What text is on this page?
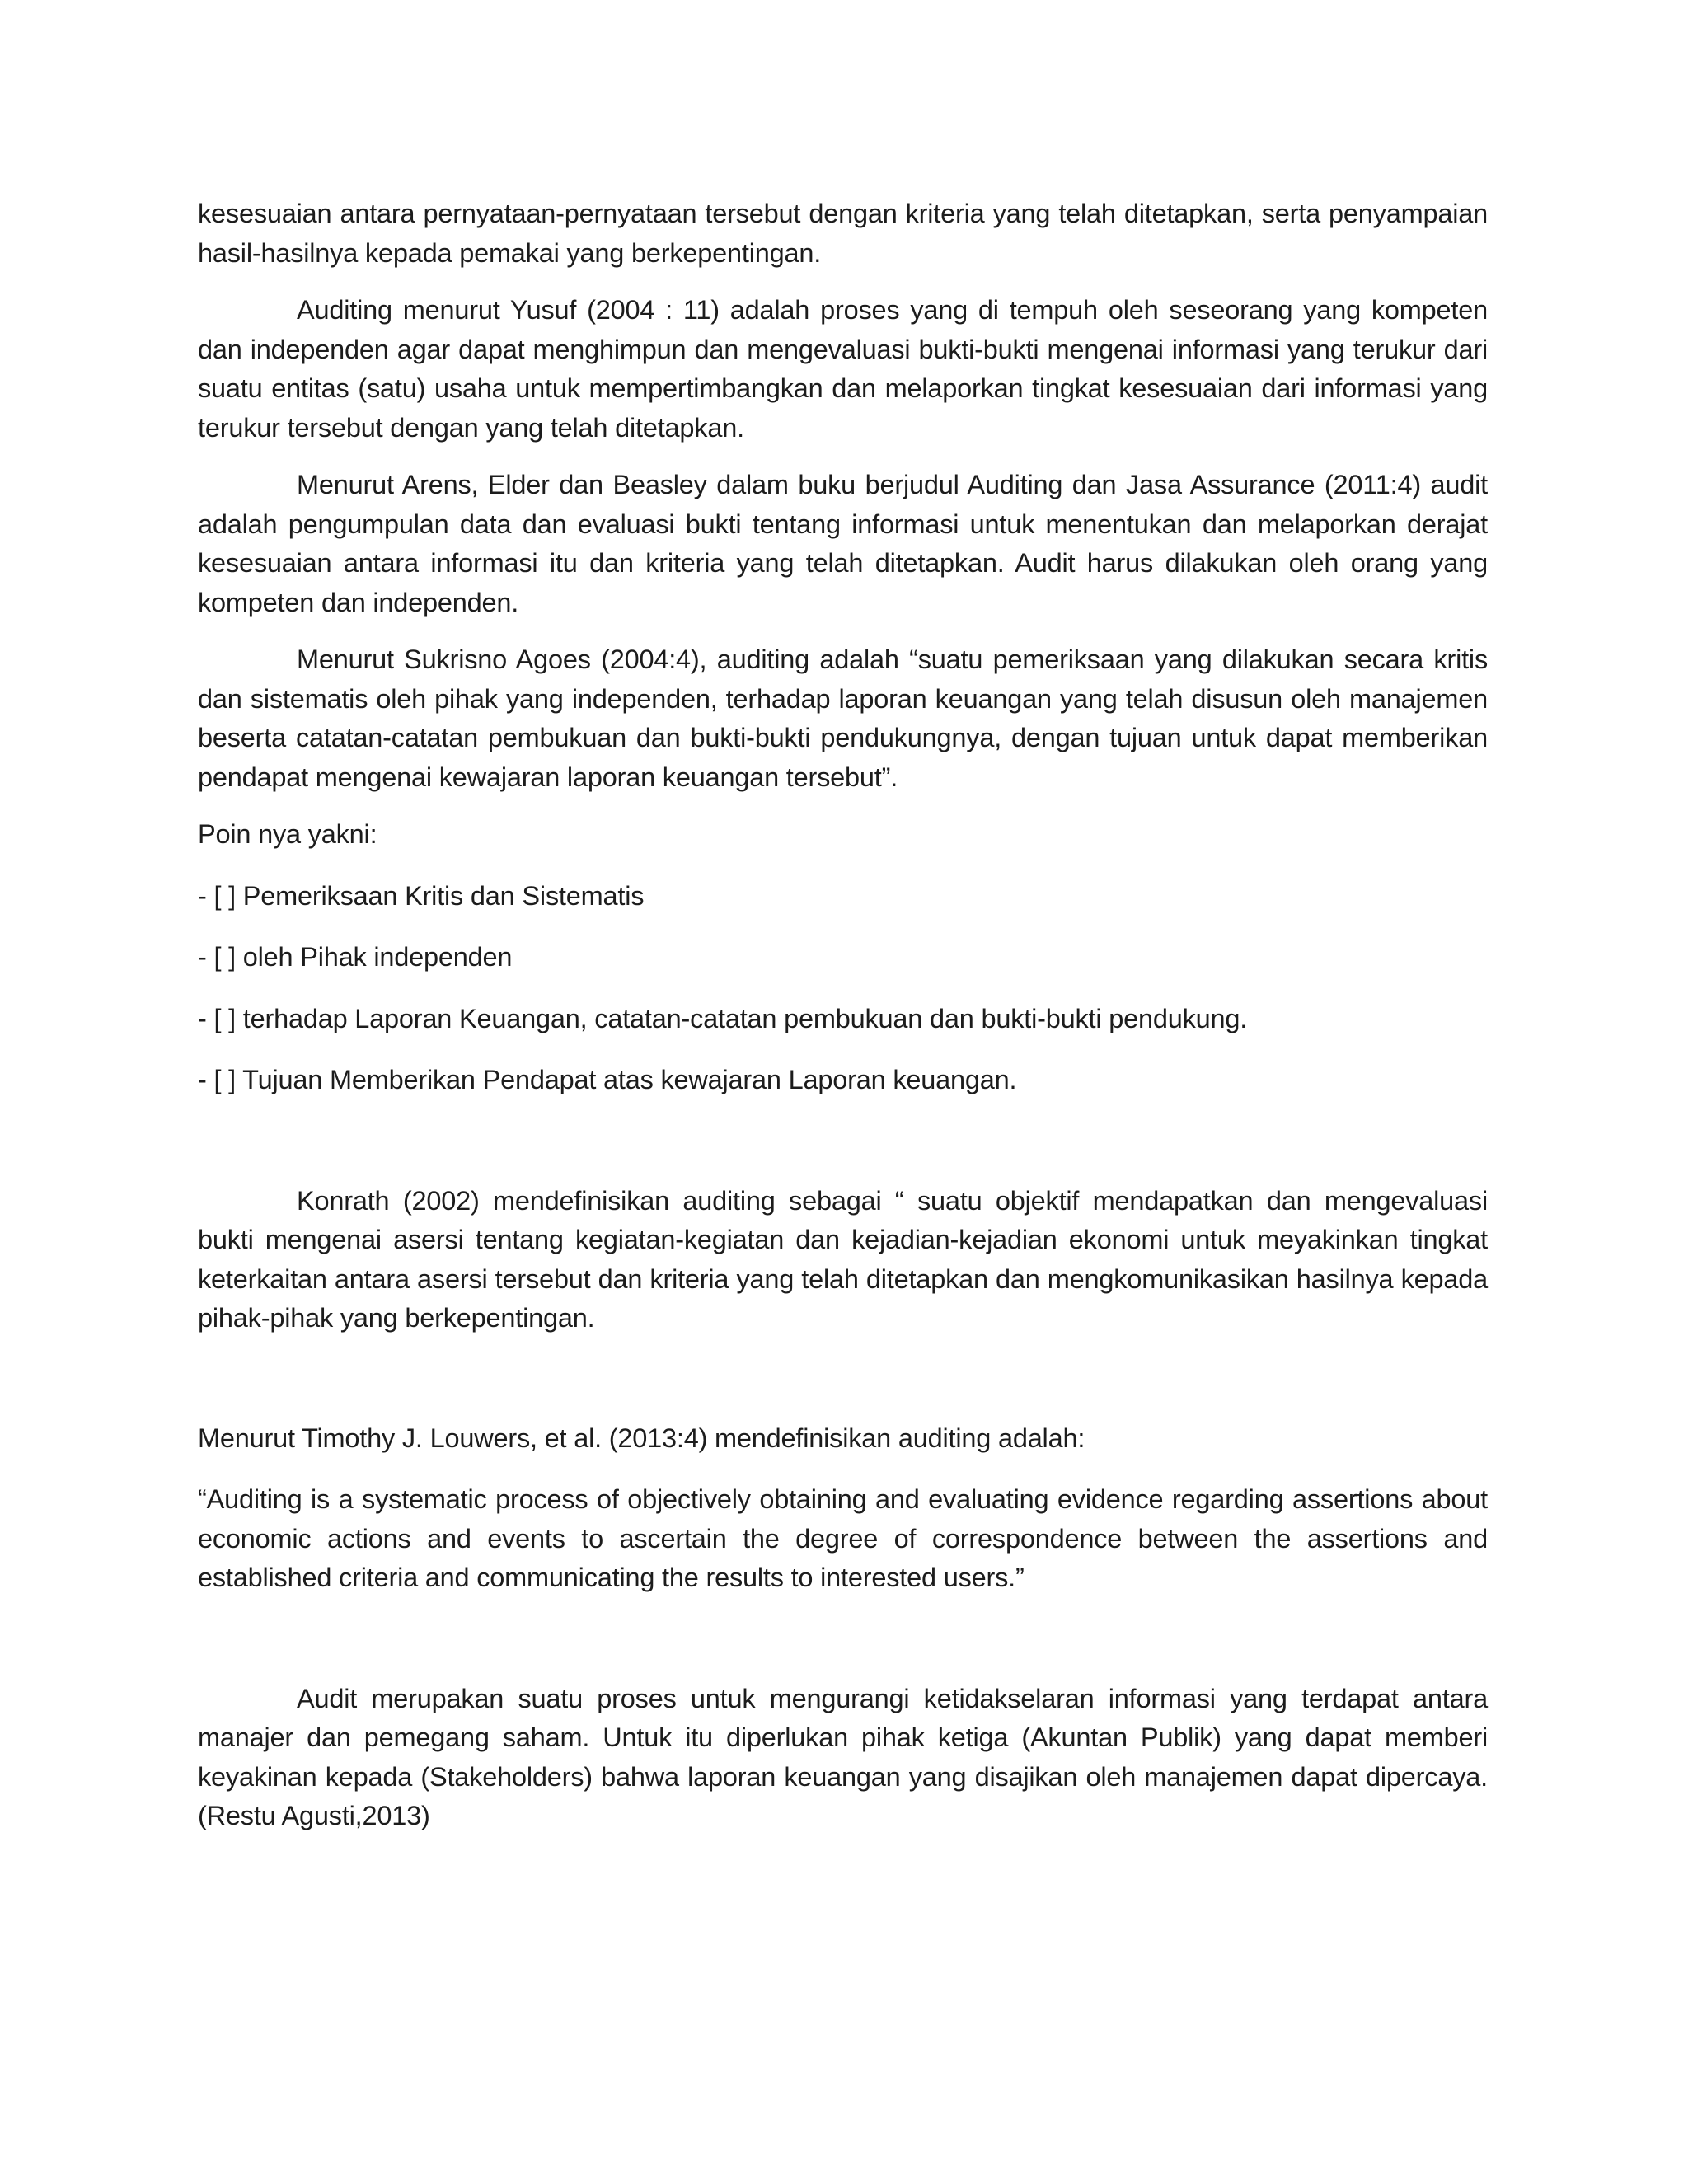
kesesuaian antara pernyataan-pernyataan tersebut dengan kriteria yang telah ditetapkan, serta penyampaian hasil-hasilnya kepada pemakai yang berkepentingan.

Auditing menurut Yusuf (2004 : 11) adalah proses yang di tempuh oleh seseorang yang kompeten dan independen agar dapat menghimpun dan mengevaluasi bukti-bukti mengenai informasi yang terukur dari suatu entitas (satu) usaha untuk mempertimbangkan dan melaporkan tingkat kesesuaian dari informasi yang terukur tersebut dengan yang telah ditetapkan.

Menurut Arens, Elder dan Beasley dalam buku berjudul Auditing dan Jasa Assurance (2011:4) audit adalah pengumpulan data dan evaluasi bukti tentang informasi untuk menentukan dan melaporkan derajat kesesuaian antara informasi itu dan kriteria yang telah ditetapkan. Audit harus dilakukan oleh orang yang kompeten dan independen.

Menurut Sukrisno Agoes (2004:4), auditing adalah “suatu pemeriksaan yang dilakukan secara kritis dan sistematis oleh pihak yang independen, terhadap laporan keuangan yang telah disusun oleh manajemen beserta catatan-catatan pembukuan dan bukti-bukti pendukungnya, dengan tujuan untuk dapat memberikan pendapat mengenai kewajaran laporan keuangan tersebut”.

Poin nya yakni:

- [ ] Pemeriksaan Kritis dan Sistematis

- [ ] oleh Pihak independen

- [ ] terhadap Laporan Keuangan, catatan-catatan pembukuan dan bukti-bukti pendukung.

- [ ] Tujuan Memberikan Pendapat atas kewajaran Laporan keuangan.

Konrath (2002) mendefinisikan auditing sebagai “ suatu objektif mendapatkan dan mengevaluasi bukti mengenai asersi tentang kegiatan-kegiatan dan kejadian-kejadian ekonomi untuk meyakinkan tingkat keterkaitan antara asersi tersebut dan kriteria yang telah ditetapkan dan mengkomunikasikan hasilnya kepada pihak-pihak yang berkepentingan.

Menurut Timothy J. Louwers, et al. (2013:4) mendefinisikan auditing adalah:

“Auditing is a systematic process of objectively obtaining and evaluating evidence regarding assertions about economic actions and events to ascertain the degree of correspondence between the assertions and established criteria and communicating the results to interested users.”

Audit merupakan suatu proses untuk mengurangi ketidakselaran informasi yang terdapat antara manajer dan pemegang saham. Untuk itu diperlukan pihak ketiga (Akuntan Publik) yang dapat memberi keyakinan kepada (Stakeholders) bahwa laporan keuangan yang disajikan oleh manajemen dapat dipercaya. (Restu Agusti,2013)
